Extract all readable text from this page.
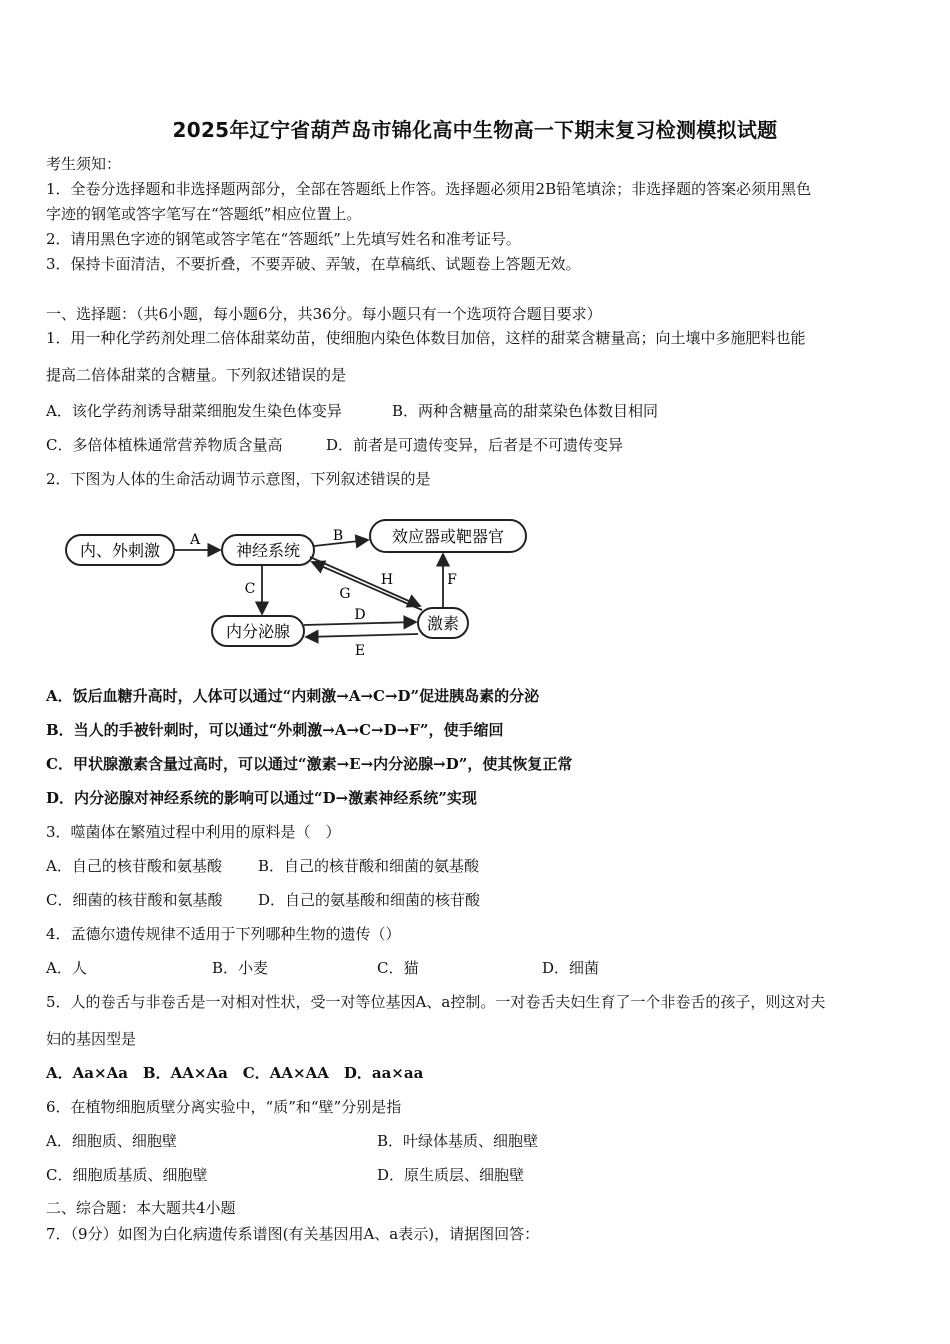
2025年辽宁省葫芦岛市锦化高中生物高一下期末复习检测模拟试题
考生须知：
1．全卷分选择题和非选择题两部分，全部在答题纸上作答。选择题必须用2B铅笔填涂；非选择题的答案必须用黑色
字迹的钢笔或答字笔写在“答题纸”相应位置上。
2．请用黑色字迹的钢笔或答字笔在“答题纸”上先填写姓名和准考证号。
3．保持卡面清洁，不要折叠，不要弄破、弄皱，在草稿纸、试题卷上答题无效。
一、选择题：（共6小题，每小题6分，共36分。每小题只有一个选项符合题目要求）
1．用一种化学药剂处理二倍体甜菜幼苗，使细胞内染色体数目加倍，这样的甜菜含糖量高；向土壤中多施肥料也能
提高二倍体甜菜的含糖量。下列叙述错误的是
A．该化学药剂诱导甜菜细胞发生染色体变异	B．两种含糖量高的甜菜染色体数目相同
C．多倍体植株通常营养物质含量高	D．前者是可遗传变异，后者是不可遗传变异
2．下图为人体的生命活动调节示意图，下列叙述错误的是
内、外刺激	神经系统
效应器或靶器官
内分泌腺	激素
A	B
C	G
H
D
F
E
A．饭后血糖升高时，人体可以通过“内刺激→A→C→D”促进胰岛素的分泌
B．当人的手被针刺时，可以通过“外刺激→A→C→D→F”，使手缩回
C．甲状腺激素含量过高时，可以通过“激素→E→内分泌腺→D”，使其恢复正常
D．内分泌腺对神经系统的影响可以通过“D→激素神经系统”实现
3．噬菌体在繁殖过程中利用的原料是（　）
A．自己的核苷酸和氨基酸 B．自己的核苷酸和细菌的氨基酸
C．细菌的核苷酸和氨基酸 D．自己的氨基酸和细菌的核苷酸
4．孟德尔遗传规律不适用于下列哪种生物的遗传（）
A．人	B．小麦	C．猫	D．细菌
5．人的卷舌与非卷舌是一对相对性状，受一对等位基因A、a控制。一对卷舌夫妇生育了一个非卷舌的孩子，则这对夫
妇的基因型是
A．Aa×Aa　B．AA×Aa　C．AA×AA　D．aa×aa
6．在植物细胞质壁分离实验中，“质”和“壁”分别是指
A．细胞质、细胞壁	B．叶绿体基质、细胞壁
C．细胞质基质、细胞壁	D．原生质层、细胞壁
二、综合题：本大题共4小题
7．（9分）如图为白化病遗传系谱图(有关基因用A、a表示)，请据图回答：
